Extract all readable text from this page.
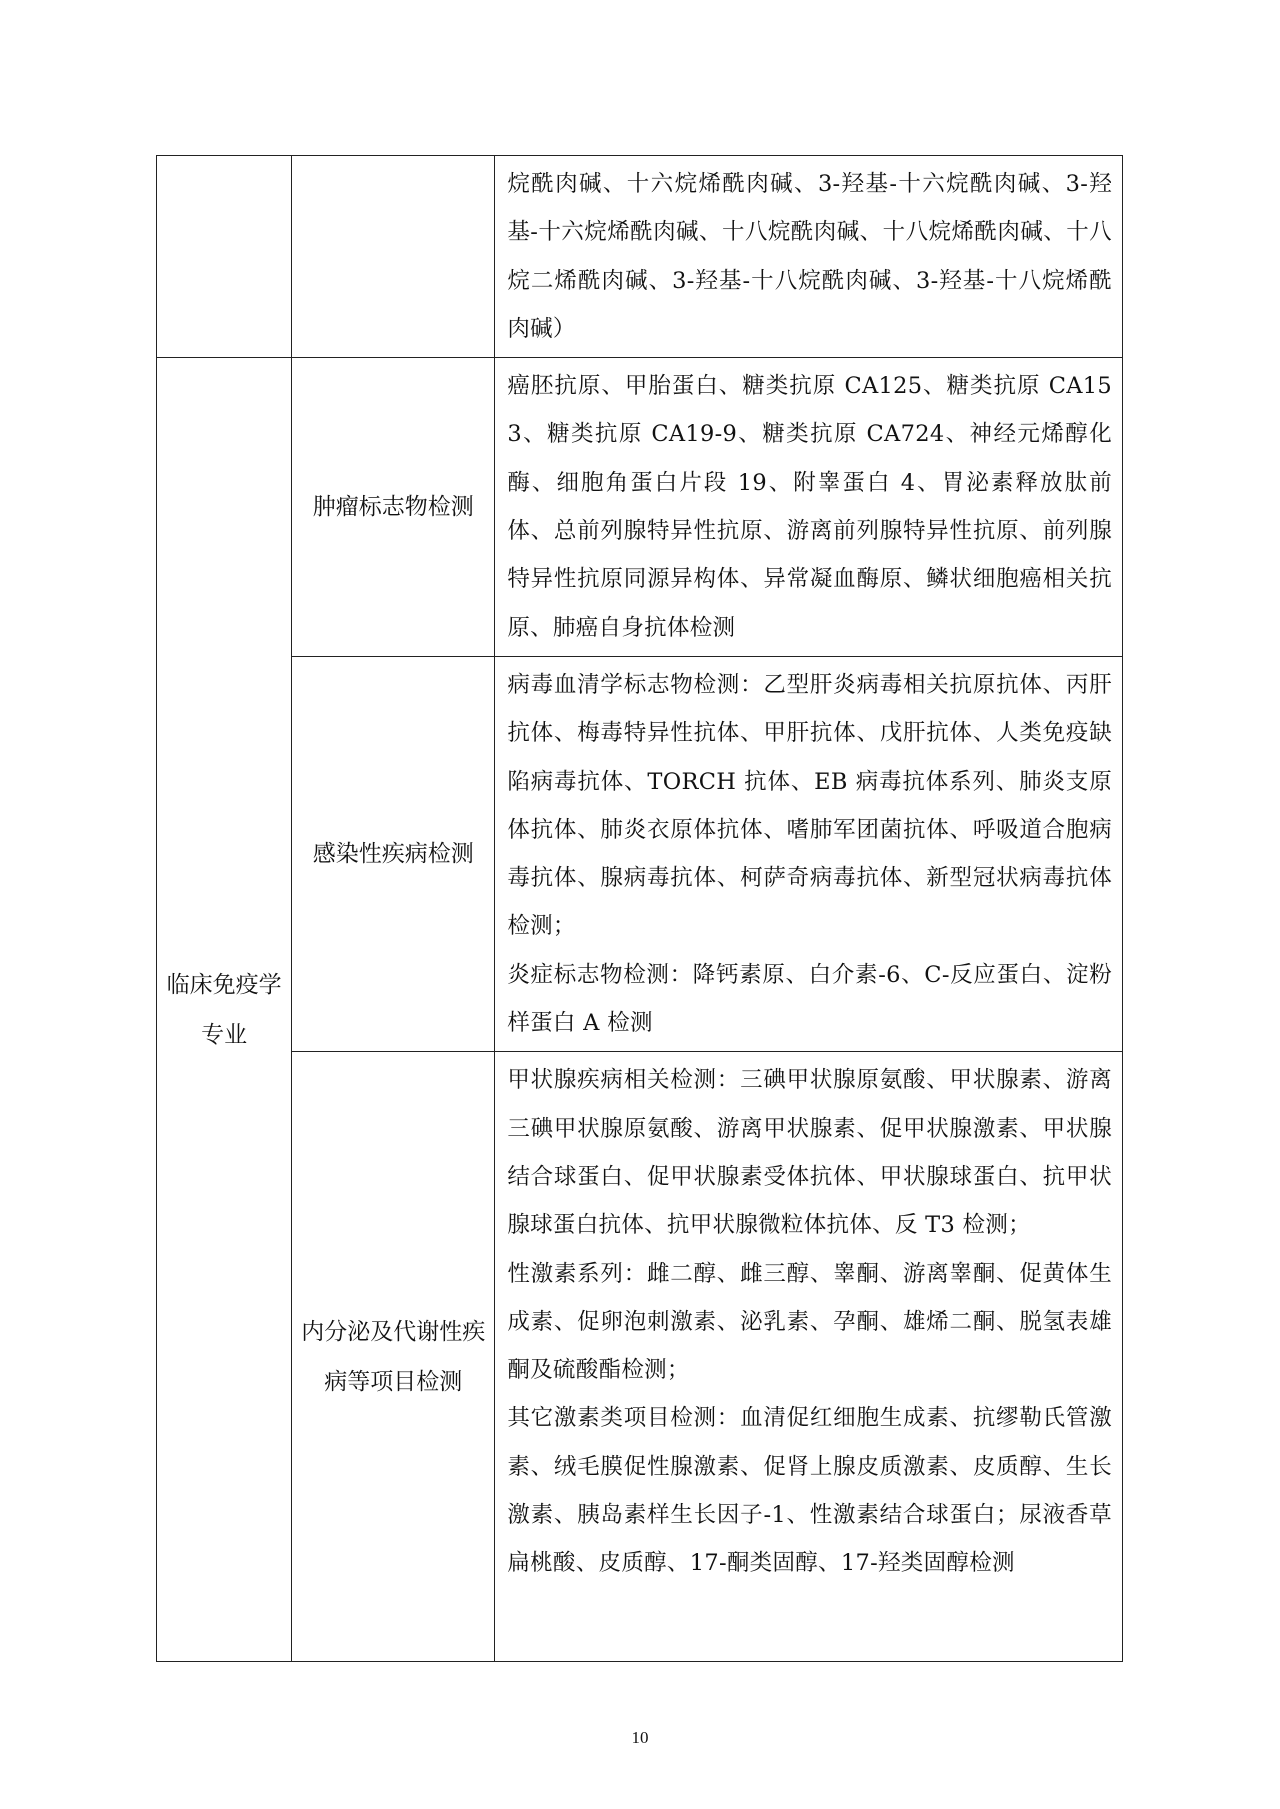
		烷酰肉碱、十六烷烯酰肉碱、3-羟基-十六烷酰肉碱、3-羟基-十六烷烯酰肉碱、十八烷酰肉碱、十八烷烯酰肉碱、十八烷二烯酰肉碱、3-羟基-十八烷酰肉碱、3-羟基-十八烷烯酰肉碱）

临床免疫学专业	肿瘤标志物检测	癌胚抗原、甲胎蛋白、糖类抗原 CA125、糖类抗原 CA153、糖类抗原 CA19-9、糖类抗原 CA724、神经元烯醇化酶、细胞角蛋白片段 19、附睾蛋白 4、胃泌素释放肽前体、总前列腺特异性抗原、游离前列腺特异性抗原、前列腺特异性抗原同源异构体、异常凝血酶原、鳞状细胞癌相关抗原、肺癌自身抗体检测

	感染性疾病检测	病毒血清学标志物检测：乙型肝炎病毒相关抗原抗体、丙肝抗体、梅毒特异性抗体、甲肝抗体、戊肝抗体、人类免疫缺陷病毒抗体、TORCH 抗体、EB 病毒抗体系列、肺炎支原体抗体、肺炎衣原体抗体、嗜肺军团菌抗体、呼吸道合胞病毒抗体、腺病毒抗体、柯萨奇病毒抗体、新型冠状病毒抗体检测；

炎症标志物检测：降钙素原、白介素-6、C-反应蛋白、淀粉样蛋白 A 检测

	内分泌及代谢性疾病等项目检测	甲状腺疾病相关检测：三碘甲状腺原氨酸、甲状腺素、游离三碘甲状腺原氨酸、游离甲状腺素、促甲状腺激素、甲状腺结合球蛋白、促甲状腺素受体抗体、甲状腺球蛋白、抗甲状腺球蛋白抗体、抗甲状腺微粒体抗体、反 T3 检测；

性激素系列：雌二醇、雌三醇、睾酮、游离睾酮、促黄体生成素、促卵泡刺激素、泌乳素、孕酮、雄烯二酮、脱氢表雄酮及硫酸酯检测；

其它激素类项目检测：血清促红细胞生成素、抗缪勒氏管激素、绒毛膜促性腺激素、促肾上腺皮质激素、皮质醇、生长激素、胰岛素样生长因子-1、性激素结合球蛋白；尿液香草扁桃酸、皮质醇、17-酮类固醇、17-羟类固醇检测

10
